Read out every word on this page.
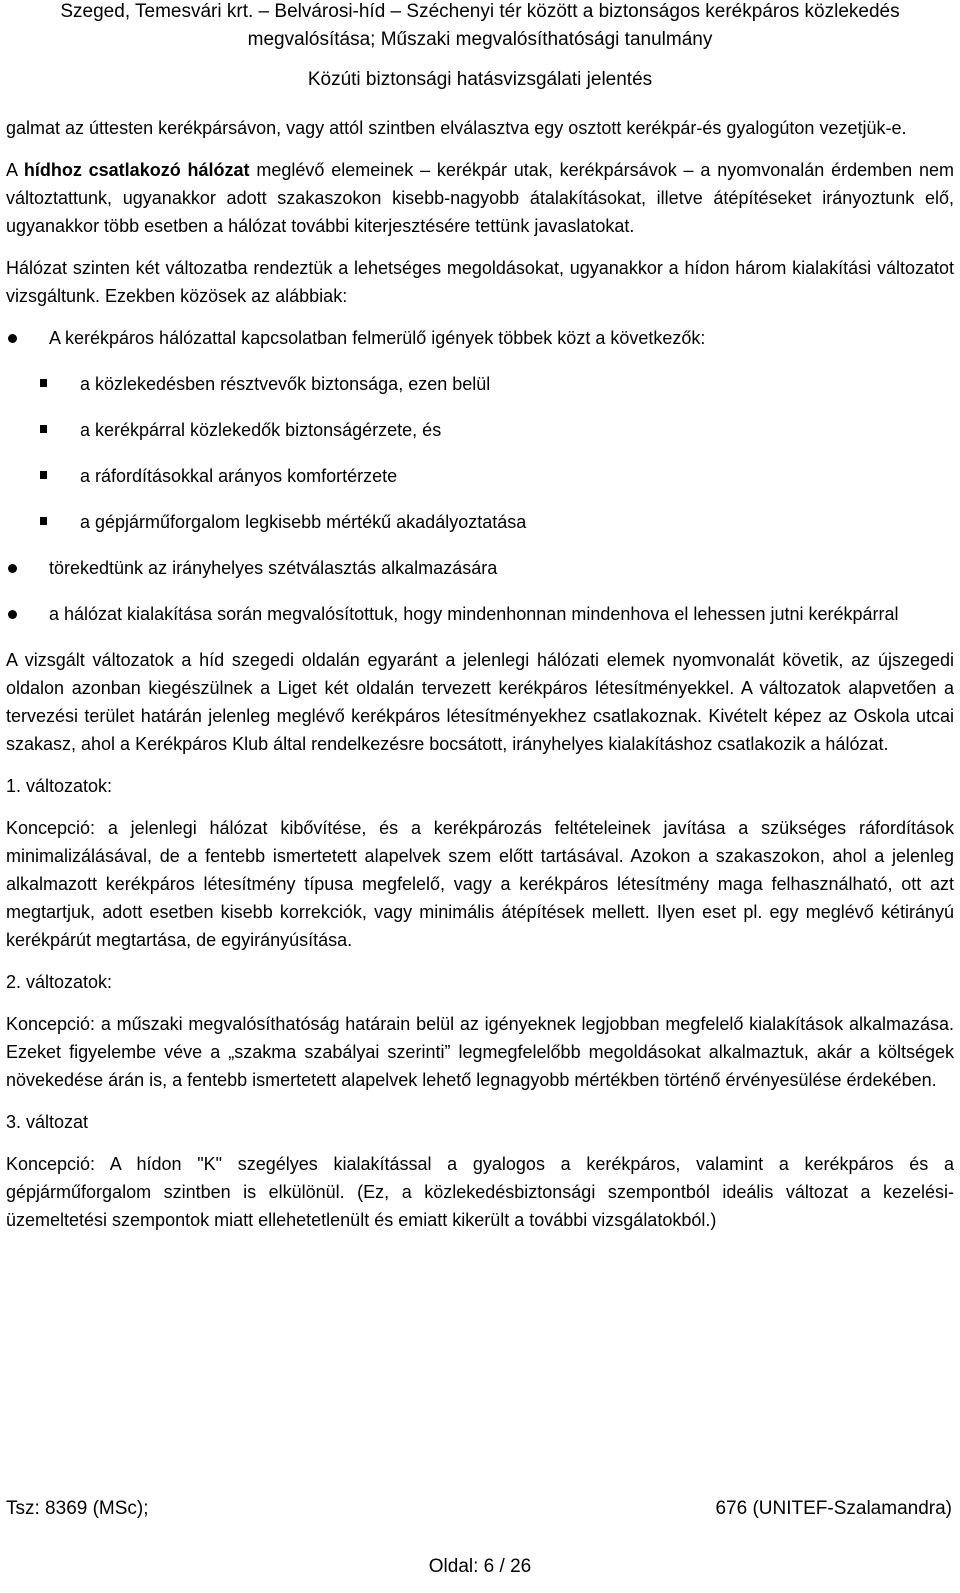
Szeged, Temesvári krt. – Belvárosi-híd – Széchenyi tér között a biztonságos kerékpáros közlekedés
megvalósítása; Műszaki megvalósíthatósági tanulmány
Közúti biztonsági hatásvizsgálati jelentés

galmat az úttesten kerékpársávon, vagy attól szintben elválasztva egy osztott kerékpár-és gyalogúton vezetjük-e.

A hídhoz csatlakozó hálózat meglévő elemeinek – kerékpár utak, kerékpársávok – a nyomvonalán érdemben nem változtattunk, ugyanakkor adott szakaszokon kisebb-nagyobb átalakításokat, illetve átépítéseket irányoztunk elő, ugyanakkor több esetben a hálózat további kiterjesztésére tettünk javaslatokat.

Hálózat szinten két változatba rendeztük a lehetséges megoldásokat, ugyanakkor a hídon három kialakítási változatot vizsgáltunk. Ezekben közösek az alábbiak:

A kerékpáros hálózattal kapcsolatban felmerülő igények többek közt a következők:
a közlekedésben résztvevők biztonsága, ezen belül
a kerékpárral közlekedők biztonságérzete, és
a ráfordításokkal arányos komfortérzete
a gépjárműforgalom legkisebb mértékű akadályoztatása
törekedtünk az irányhelyes szétválasztás alkalmazására
a hálózat kialakítása során megvalósítottuk, hogy mindenhonnan mindenhova el lehessen jutni kerékpárral

A vizsgált változatok a híd szegedi oldalán egyaránt a jelenlegi hálózati elemek nyomvonalát követik, az újszegedi oldalon azonban kiegészülnek a Liget két oldalán tervezett kerékpáros létesítményekkel. A változatok alapvetően a tervezési terület határán jelenleg meglévő kerékpáros létesítményekhez csatlakoznak. Kivételt képez az Oskola utcai szakasz, ahol a Kerékpáros Klub által rendelkezésre bocsátott, irányhelyes kialakításhoz csatlakozik a hálózat.

1. változatok:

Koncepció: a jelenlegi hálózat kibővítése, és a kerékpározás feltételeinek javítása a szükséges ráfordítások minimalizálásával, de a fentebb ismertetett alapelvek szem előtt tartásával. Azokon a szakaszokon, ahol a jelenleg alkalmazott kerékpáros létesítmény típusa megfelelő, vagy a kerékpáros létesítmény maga felhasználható, ott azt megtartjuk, adott esetben kisebb korrekciók, vagy minimális átépítések mellett. Ilyen eset pl. egy meglévő kétirányú kerékpárút megtartása, de egyirányúsítása.

2. változatok:

Koncepció: a műszaki megvalósíthatóság határain belül az igényeknek legjobban megfelelő kialakítások alkalmazása. Ezeket figyelembe véve a „szakma szabályai szerinti” legmegfelelőbb megoldásokat alkalmaztuk, akár a költségek növekedése árán is, a fentebb ismertetett alapelvek lehető legnagyobb mértékben történő érvényesülése érdekében.

3. változat

Koncepció: A hídon "K" szegélyes kialakítással a gyalogos a kerékpáros, valamint a kerékpáros és a gépjárműforgalom szintben is elkülönül. (Ez, a közlekedésbiztonsági szempontból ideális változat a kezelési-üzemeltetési szempontok miatt ellehetetlenült és emiatt kikerült a további vizsgálatokból.)

Tsz: 8369 (MSc);	676 (UNITEF-Szalamandra)
Oldal: 6 / 26
